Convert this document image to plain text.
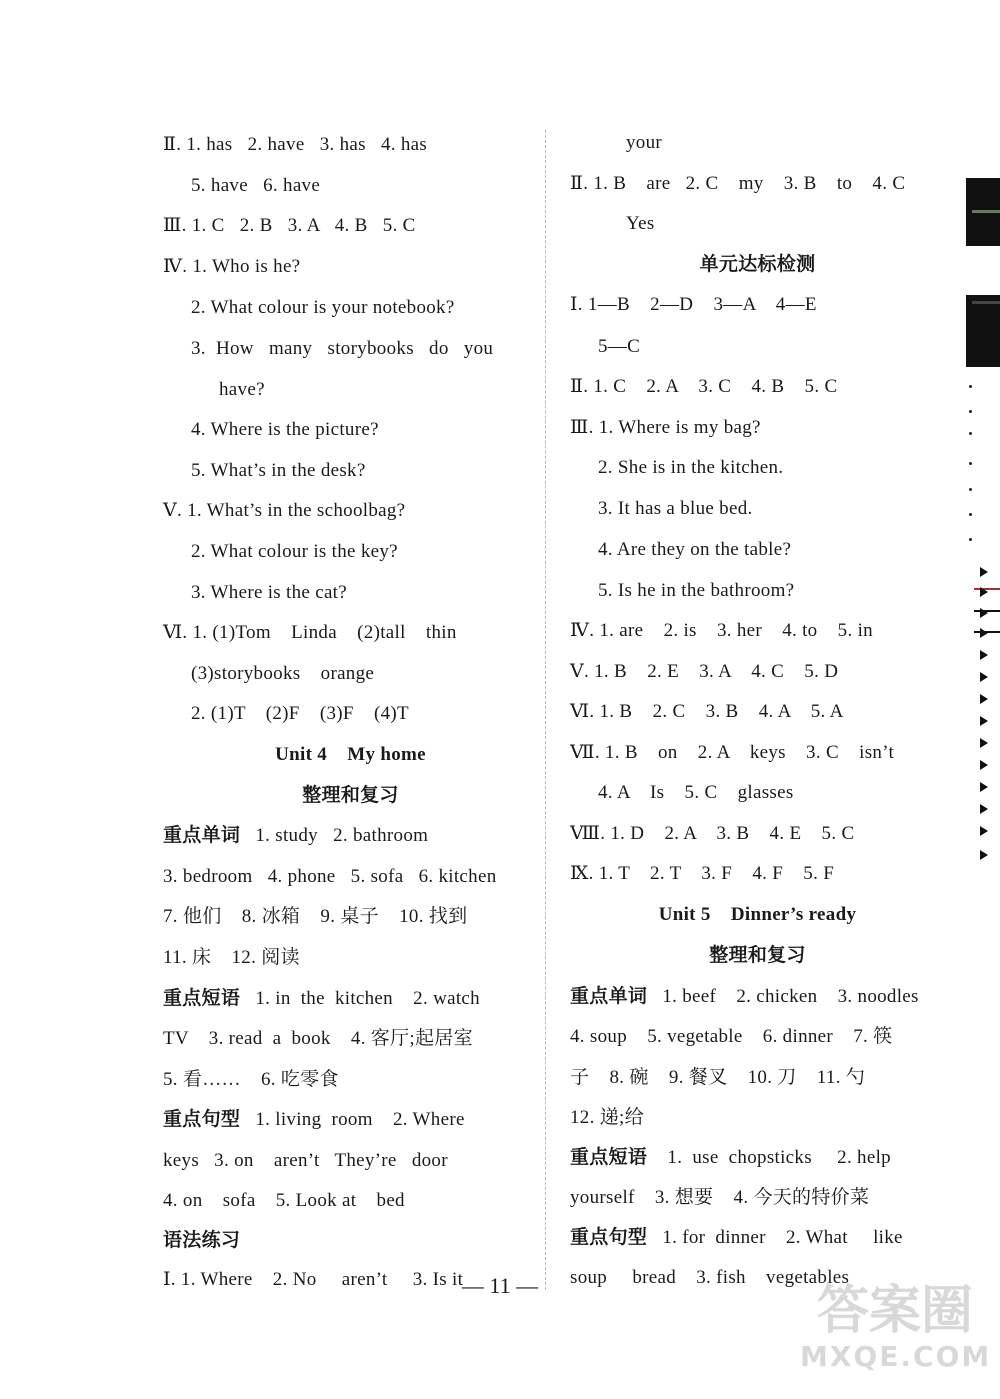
Ⅱ. 1. has   2. have   3. has   4. has
5. have   6. have
Ⅲ. 1. C   2. B   3. A   4. B   5. C
Ⅳ. 1. Who is he?
2. What colour is your notebook?
3.  How   many   storybooks   do   you
have?
4. Where is the picture?
5. What’s in the desk?
Ⅴ. 1. What’s in the schoolbag?
2. What colour is the key?
3. Where is the cat?
Ⅵ. 1. (1)Tom    Linda    (2)tall    thin
(3)storybooks    orange
2. (1)T    (2)F    (3)F    (4)T
Unit 4    My home
整理和复习
重点单词   1. study   2. bathroom
3. bedroom   4. phone   5. sofa   6. kitchen
7. 他们    8. 冰箱    9. 桌子    10. 找到
11. 床    12. 阅读
重点短语   1. in  the  kitchen    2. watch
TV    3. read  a  book    4. 客厅;起居室
5. 看……    6. 吃零食
重点句型   1. living  room    2. Where
keys   3. on    aren’t   They’re   door
4. on    sofa    5. Look at    bed
语法练习
Ⅰ. 1. Where    2. No     aren’t     3. Is it
your
Ⅱ. 1. B    are   2. C    my    3. B    to    4. C
Yes
单元达标检测
Ⅰ. 1—B    2—D    3—A    4—E
5—C
Ⅱ. 1. C    2. A    3. C    4. B    5. C
Ⅲ. 1. Where is my bag?
2. She is in the kitchen.
3. It has a blue bed.
4. Are they on the table?
5. Is he in the bathroom?
Ⅳ. 1. are    2. is    3. her    4. to    5. in
Ⅴ. 1. B    2. E    3. A    4. C    5. D
Ⅵ. 1. B    2. C    3. B    4. A    5. A
Ⅶ. 1. B    on    2. A    keys    3. C    isn’t
4. A    Is    5. C    glasses
Ⅷ. 1. D    2. A    3. B    4. E    5. C
Ⅸ. 1. T    2. T    3. F    4. F    5. F
Unit 5    Dinner’s ready
整理和复习
重点单词   1. beef    2. chicken    3. noodles
4. soup    5. vegetable    6. dinner    7. 筷
子    8. 碗    9. 餐叉    10. 刀    11. 勺
12. 递;给
重点短语    1.  use  chopsticks     2. help
yourself    3. 想要    4. 今天的特价菜
重点句型   1. for  dinner    2. What     like
soup     bread    3. fish    vegetables
— 11 —	答案圈
MXQE.COM
